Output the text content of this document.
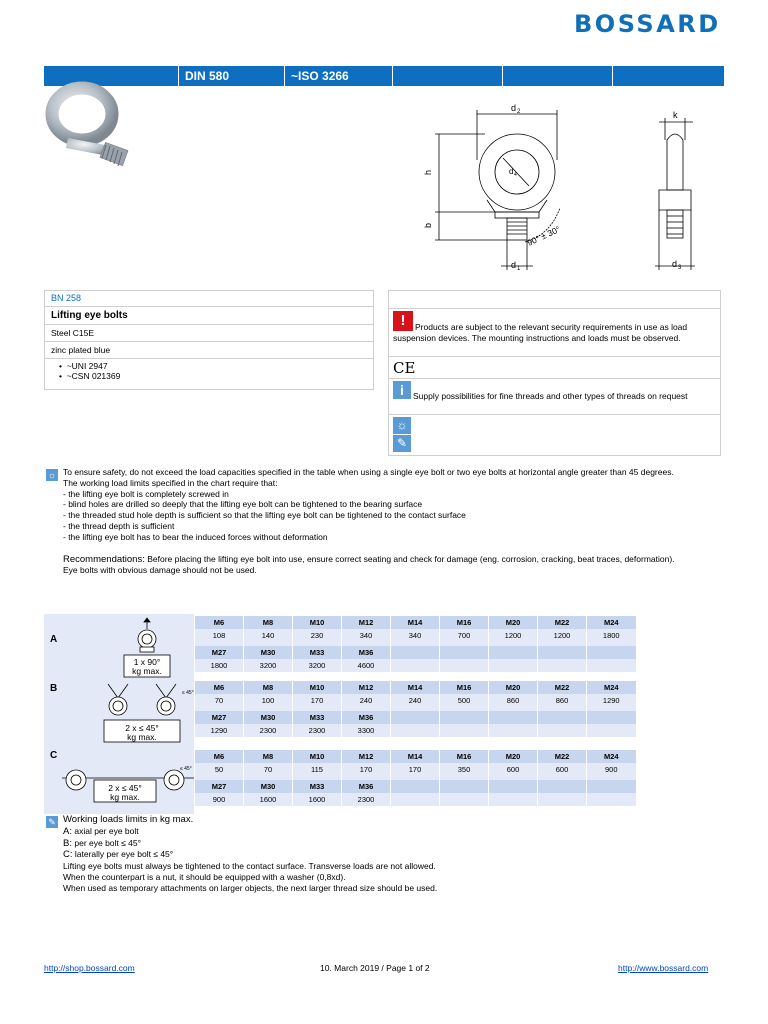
BOSSARD
DIN 580	~ISO 3266
d 2
h
b
d 4
d 1
90° ± 30°
k
d 3
BN 258
Lifting eye bolts
Steel C15E
zinc plated blue
•  ~UNI 2947
•  ~CSN 021369
!	Products are subject to the relevant security requirements in use as load suspension devices. The mounting instructions and loads must be observed.
CE
i	Supply possibilities for fine threads and other types of threads on request
☼
✎
☼ To ensure safety, do not exceed the load capacities specified in the table when using a single eye bolt or two eye bolts at horizontal angle greater than 45 degrees.
The working load limits specified in the chart require that:
- the lifting eye bolt is completely screwed in
- blind holes are drilled so deeply that the lifting eye bolt can be tightened to the bearing surface
- the threaded stud hole depth is sufficient so that the lifting eye bolt can be tightened to the contact surface
- the thread depth is sufficient
- the lifting eye bolt has to bear the induced forces without deformation
Recommendations: Before placing the lifting eye bolt into use, ensure correct seating and check for damage (eng. corrosion, cracking, beat traces, deformation).
Eye bolts with obvious damage should not be used.
A
1 x 90°
kg max.
M6	M8	M10	M12	M14	M16	M20	M22	M24
108	140	230	340	340	700	1200	1200	1800

M27	M30	M33	M36					
1800	3200	3200	4600					
B	≤ 45°
2 x ≤ 45°
kg max.
M6	M8	M10	M12	M14	M16	M20	M22	M24
70	100	170	240	240	500	860	860	1290

M27	M30	M33	M36					
1290	2300	2300	3300					
C
≤ 45°
2 x ≤ 45°
kg max.
M6	M8	M10	M12	M14	M16	M20	M22	M24
50	70	115	170	170	350	600	600	900

M27	M30	M33	M36					
900	1600	1600	2300					
✎ Working loads limits in kg max.
A: axial per eye bolt
B: per eye bolt ≤ 45°
C: laterally per eye bolt ≤ 45°
Lifting eye bolts must always be tightened to the contact surface. Transverse loads are not allowed.
When the counterpart is a nut, it should be equipped with a washer (0,8xd).
When used as temporary attachments on larger objects, the next larger thread size should be used.
http://shop.bossard.com	10. March 2019 / Page 1 of 2	http://www.bossard.com
